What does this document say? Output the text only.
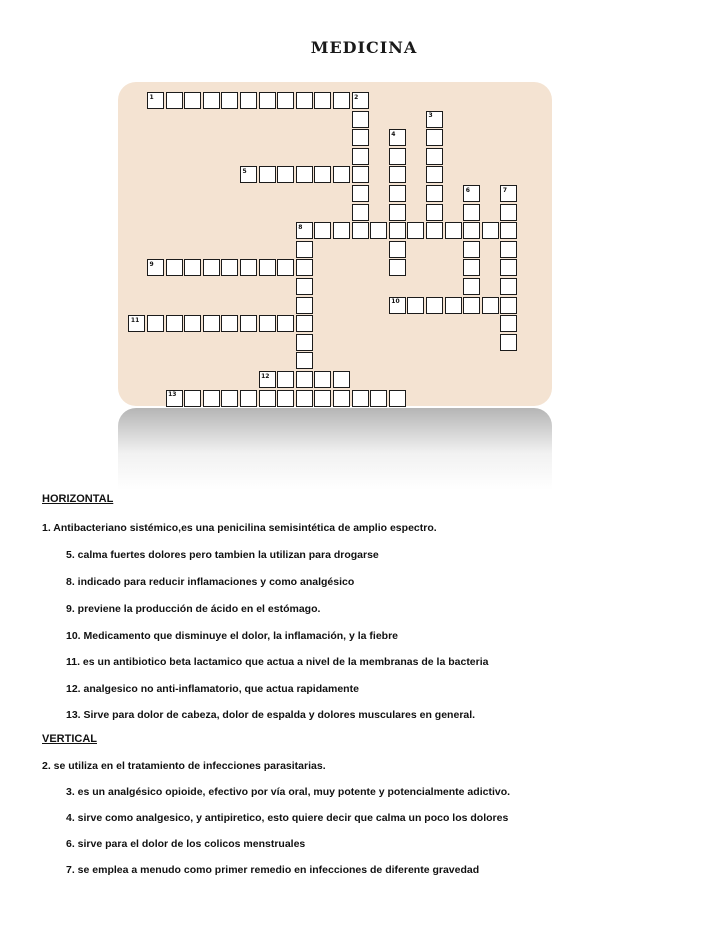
MEDICINA
1	2
3
4
5
6	7
8
9
10
11
12
13
HORIZONTAL
1. Antibacteriano sistémico,es una penicilina semisintética de amplio espectro.
5. calma fuertes dolores pero tambien la utilizan para drogarse
8. indicado para reducir inflamaciones y como analgésico
9. previene la producción de ácido en el estómago.
10. Medicamento que disminuye el dolor, la inflamación, y la fiebre
11. es un antibiotico beta lactamico que actua a nivel de la membranas de la bacteria
12. analgesico no anti-inflamatorio, que actua rapidamente
13. Sirve para dolor de cabeza, dolor de espalda y dolores musculares en general.
VERTICAL
2. se utiliza en el tratamiento de infecciones parasitarias.
3. es un analgésico opioide, efectivo por vía oral, muy potente y potencialmente adictivo.
4. sirve como analgesico, y antipiretico, esto quiere decir que calma un poco los dolores
6. sirve para el dolor de los colicos menstruales
7. se emplea a menudo como primer remedio en infecciones de diferente gravedad
